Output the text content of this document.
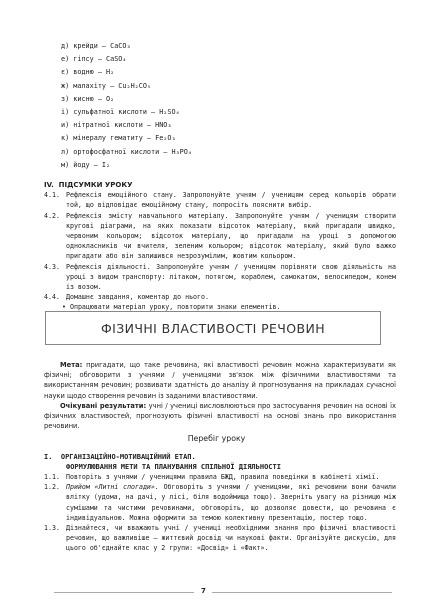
д) крейди — CaCO₃
е) гіпсу — CaSO₄
є) водню — H₂
ж) малахіту — Cu₂H₂CO₅
з) кисню — O₂
і) сульфатної кислоти — H₂SO₄
и) нітратної кислоти — HNO₃
к) мінералу гематиту — Fe₂O₃
л) ортофосфатної кислоти — H₃PO₄
м) йоду — I₂
IV. ПІДСУМКИ УРОКУ
4.1. Рефлексія емоційного стану. Запропонуйте учням / ученицям серед кольорів обрати той, що відповідає емоційному стану, попросіть пояснити вибір.
4.2. Рефлексія змісту навчального матеріалу. Запропонуйте учням / ученицям створити кругові діаграми, на яких показати відсоток матеріалу, який пригадали швидко, червоним кольором; відсоток матеріалу, що пригадали на уроці з допомогою однокласників чи вчителя, зеленим кольором; відсоток матеріалу, який було важко пригадати або він залишився незрозумілим, жовтим кольором.
4.3. Рефлексія діяльності. Запропонуйте учням / ученицям порівняти свою діяльність на уроці з видом транспорту: літаком, потягом, кораблем, самокатом, велосипедом, конем із возом.
4.4. Домашнє завдання, коментар до нього.
• Опрацювати матеріал уроку, повторити знаки елементів.
ФІЗИЧНІ ВЛАСТИВОСТІ РЕЧОВИН

Мета: пригадати, що таке речовина, які властивості речовин можна характеризувати як фізичні; обговорити з учнями / ученицями зв'язок між фізичними властивостями та використанням речовин; розвивати здатність до аналізу й прогнозування на прикладах сучасної науки щодо створення речовин із заданими властивостями.

Очікувані результати: учні / учениці висловлюються про застосування речовин на основі їх фізичних властивостей, прогнозують фізичні властивості на основі знань про використання речовини.

Перебіг уроку
I. ОРГАНІЗАЦІЙНО-МОТИВАЦІЙНИЙ ЕТАП.
ФОРМУЛЮВАННЯ МЕТИ ТА ПЛАНУВАННЯ СПІЛЬНОЇ ДІЯЛЬНОСТІ
1.1. Повторіть з учнями / ученицями правила БЖД, правила поведінки в кабінеті хімії.
1.2. Прийом «Литні спогади». Обговоріть з учнями / ученицями, які речовини вони бачили влітку (удома, на дачі, у лісі, біля водоймища тощо). Зверніть увагу на різницю між сумішами та чистими речовинами, обговоріть, що дозволяє довести, що речовина є індивідуальною. Можна оформити за темою колективну презентацію, постер тощо.
1.3. Дізнайтеся, чи вважають учні / учениці необхідними знання про фізичні властивості речовин, що важливіше — життєвий досвід чи наукові факти. Організуйте дискусію, для цього об'єднайте клас у 2 групи: «Досвід» і «Факт».
7
